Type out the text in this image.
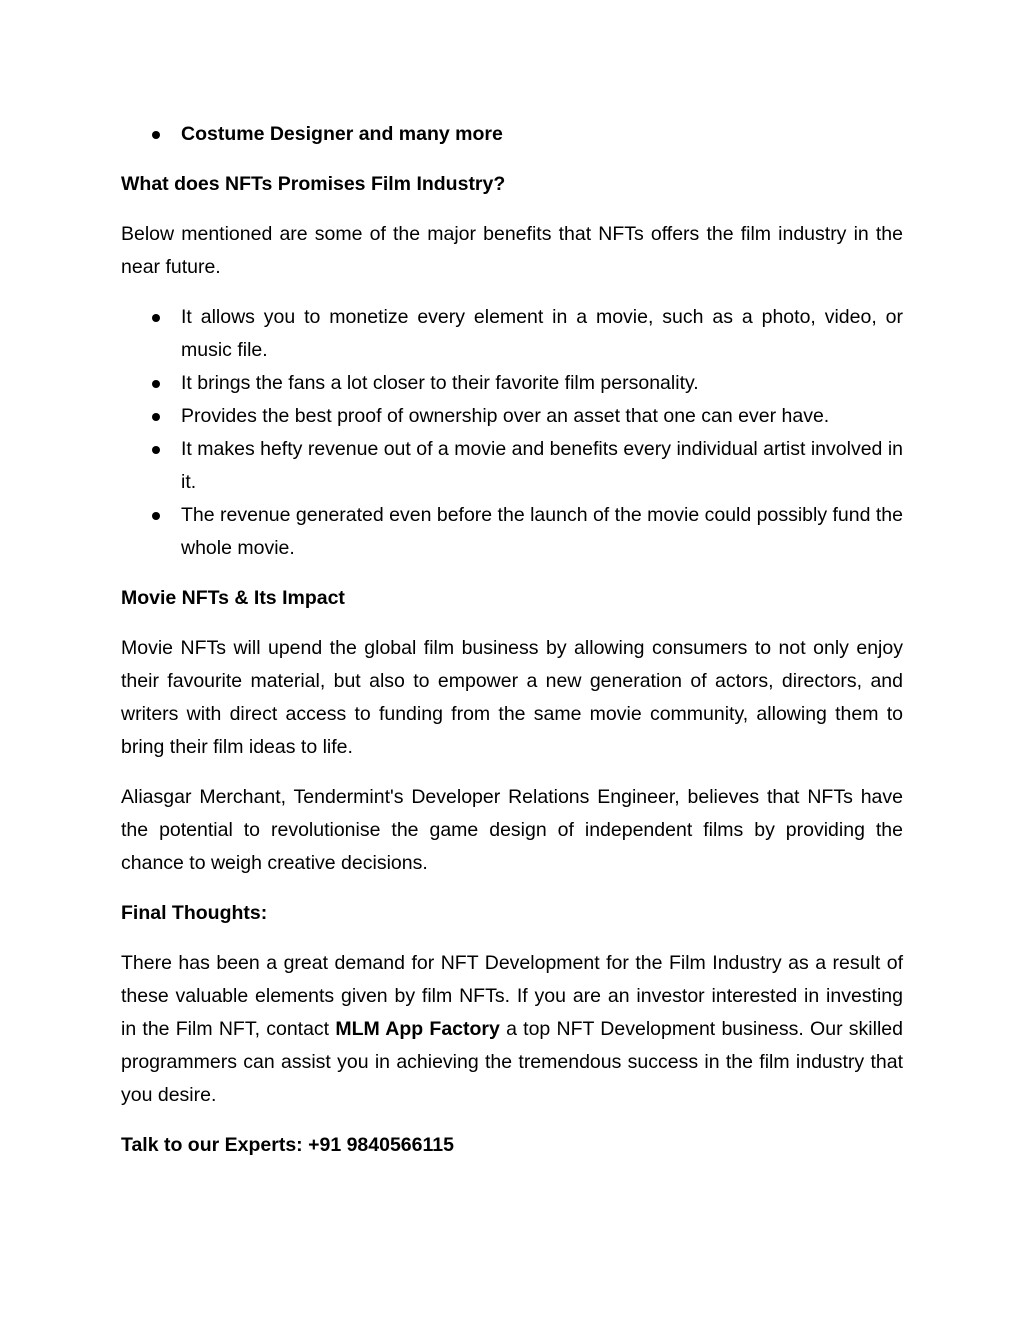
Costume Designer and many more
What does NFTs Promises Film Industry?

Below mentioned are some of the major benefits that NFTs offers the film industry in the near future.

It allows you to monetize every element in a movie, such as a photo, video, or music file.
It brings the fans a lot closer to their favorite film personality.
Provides the best proof of ownership over an asset that one can ever have.
It makes hefty revenue out of a movie and benefits every individual artist involved in it.
The revenue generated even before the launch of the movie could possibly fund the whole movie.
Movie NFTs & Its Impact

Movie NFTs will upend the global film business by allowing consumers to not only enjoy their favourite material, but also to empower a new generation of actors, directors, and writers with direct access to funding from the same movie community, allowing them to bring their film ideas to life.

Aliasgar Merchant, Tendermint's Developer Relations Engineer, believes that NFTs have the potential to revolutionise the game design of independent films by providing the chance to weigh creative decisions.

Final Thoughts:

There has been a great demand for NFT Development for the Film Industry as a result of these valuable elements given by film NFTs. If you are an investor interested in investing in the Film NFT, contact MLM App Factory a top NFT Development business. Our skilled programmers can assist you in achieving the tremendous success in the film industry that you desire.

Talk to our Experts: +91 9840566115
